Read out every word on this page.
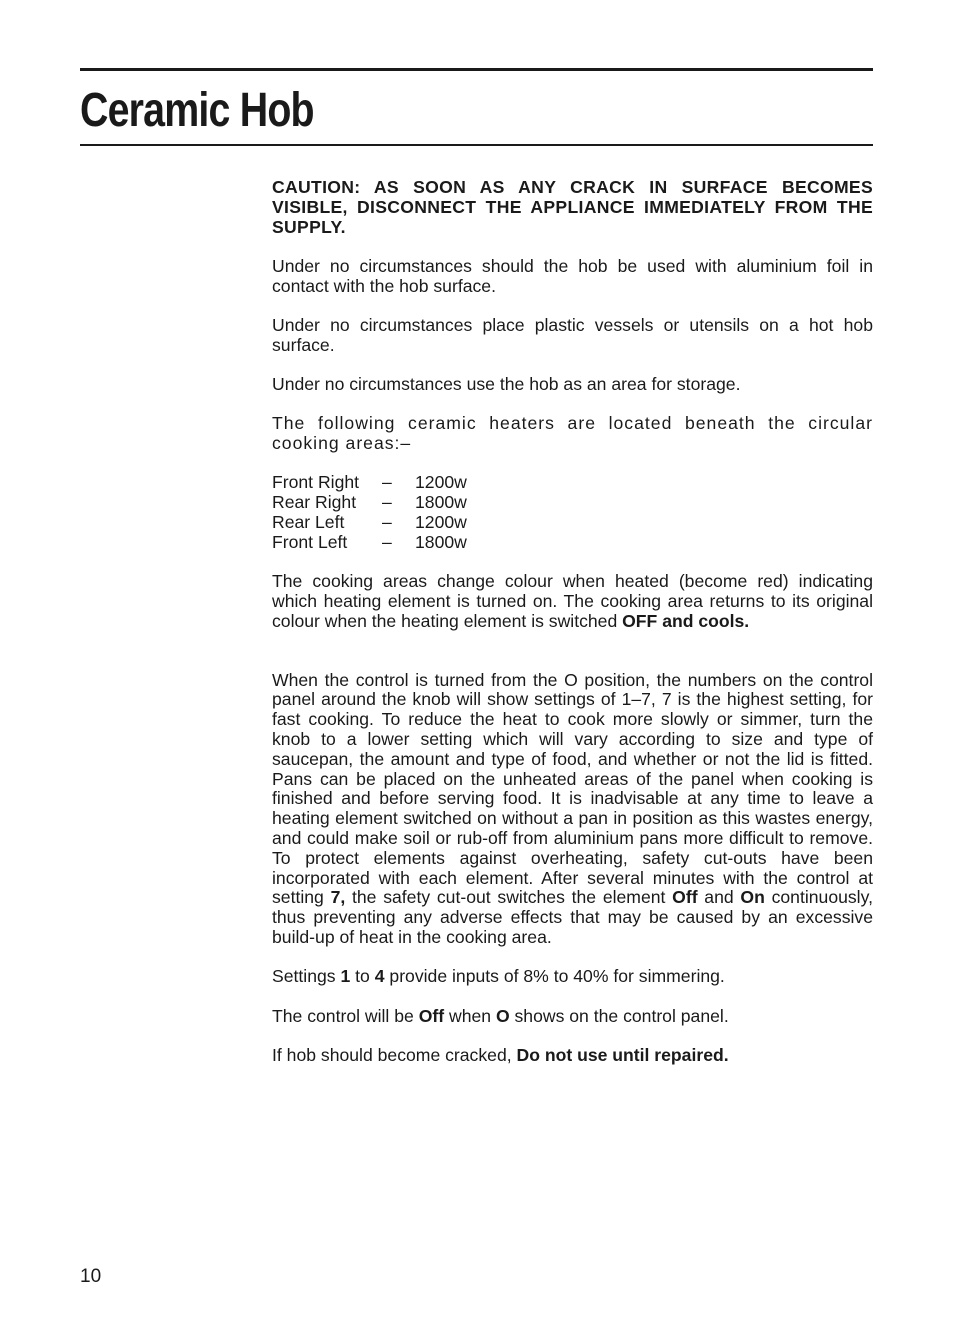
Ceramic Hob

CAUTION: AS SOON AS ANY CRACK IN SURFACE BECOMES VISIBLE, DISCONNECT THE APPLIANCE IMMEDIATELY FROM THE SUPPLY.

Under no circumstances should the hob be used with aluminium foil in contact with the hob surface.

Under no circumstances place plastic vessels or utensils on a hot hob surface.

Under no circumstances use the hob as an area for storage.

The following ceramic heaters are located beneath the circular cooking areas:–

Front Right	–	1200w
Rear Right	–	1800w
Rear Left	–	1200w
Front Left	–	1800w

The cooking areas change colour when heated (become red) indicating which heating element is turned on. The cooking area returns to its original colour when the heating element is switched OFF and cools.

When the control is turned from the O position, the numbers on the control panel around the knob will show settings of 1–7, 7 is the highest setting, for fast cooking. To reduce the heat to cook more slowly or simmer, turn the knob to a lower setting which will vary according to size and type of saucepan, the amount and type of food, and whether or not the lid is fitted. Pans can be placed on the unheated areas of the panel when cooking is finished and before serving food. It is inadvisable at any time to leave a heating element switched on without a pan in position as this wastes energy, and could make soil or rub-off from aluminium pans more difficult to remove. To protect elements against overheating, safety cut-outs have been incorporated with each element. After several minutes with the control at setting 7, the safety cut-out switches the element Off and On continuously, thus preventing any adverse effects that may be caused by an excessive build-up of heat in the cooking area.

Settings 1 to 4 provide inputs of 8% to 40% for simmering.

The control will be Off when O shows on the control panel.

If hob should become cracked, Do not use until repaired.

10
